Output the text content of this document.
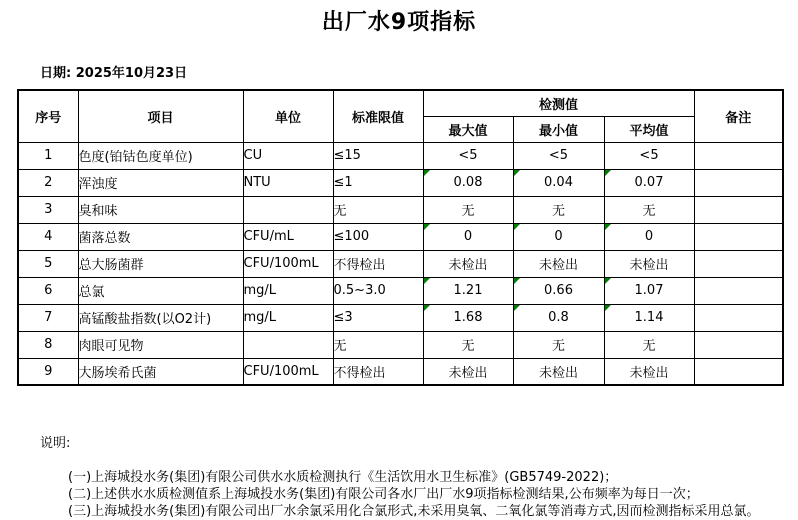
出厂水9项指标
日期: 2025年10月23日
序号	项目	单位	标准限值	检测值			备注
				最大值	最小值	平均值	
1	色度(铂钴色度单位)	CU	≤15	<5	<5	<5	
2	浑浊度	NTU	≤1	0.08	0.04	0.07	
3	臭和味		无	无	无	无	
4	菌落总数	CFU/mL	≤100	0	0	0	
5	总大肠菌群	CFU/100mL	不得检出	未检出	未检出	未检出	
6	总氯	mg/L	0.5~3.0	1.21	0.66	1.07	
7	高锰酸盐指数(以O2计)	mg/L	≤3	1.68	0.8	1.14	
8	肉眼可见物		无	无	无	无	
9	大肠埃希氏菌	CFU/100mL	不得检出	未检出	未检出	未检出	
说明:
(一)上海城投水务(集团)有限公司供水水质检测执行《生活饮用水卫生标准》(GB5749-2022)；
(二)上述供水水质检测值系上海城投水务(集团)有限公司各水厂出厂水9项指标检测结果,公布频率为每日一次；
(三)上海城投水务(集团)有限公司出厂水余氯采用化合氯形式,未采用臭氧、二氧化氯等消毒方式,因而检测指标采用总氯。
